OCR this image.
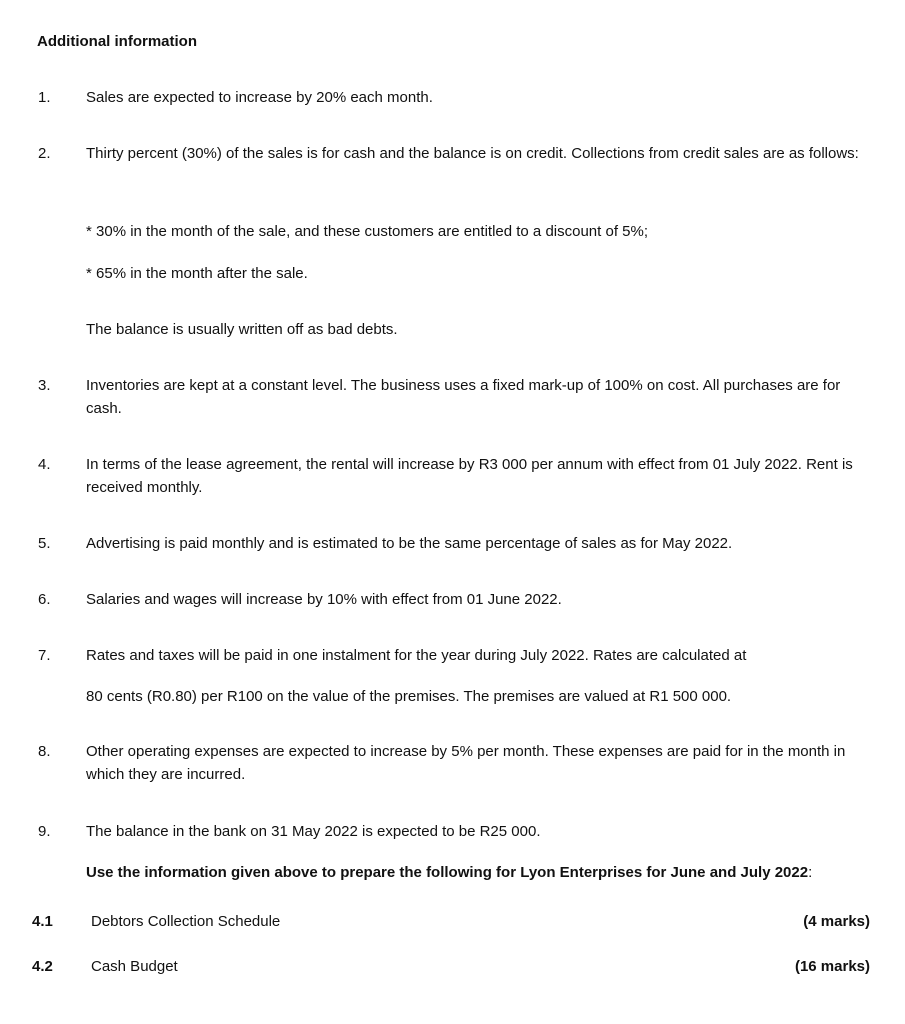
Additional information
1.	Sales are expected to increase by 20% each month.
2.	Thirty percent (30%) of the sales is for cash and the balance is on credit. Collections from credit sales are as follows:
* 30% in the month of the sale, and these customers are entitled to a discount of 5%;
* 65% in the month after the sale.
The balance is usually written off as bad debts.
3.	Inventories are kept at a constant level. The business uses a fixed mark-up of 100% on cost. All purchases are for cash.
4.	In terms of the lease agreement, the rental will increase by R3 000 per annum with effect from 01 July 2022. Rent is received monthly.
5.	Advertising is paid monthly and is estimated to be the same percentage of sales as for May 2022.
6.	Salaries and wages will increase by 10% with effect from 01 June 2022.
7.	Rates and taxes will be paid in one instalment for the year during July 2022. Rates are calculated at
80 cents (R0.80) per R100 on the value of the premises. The premises are valued at R1 500 000.
8.	Other operating expenses are expected to increase by 5% per month. These expenses are paid for in the month in which they are incurred.
9.	The balance in the bank on 31 May 2022 is expected to be R25 000.
Use the information given above to prepare the following for Lyon Enterprises for June and July 2022:
4.1	Debtors Collection Schedule	(4 marks)
4.2	Cash Budget	(16 marks)
